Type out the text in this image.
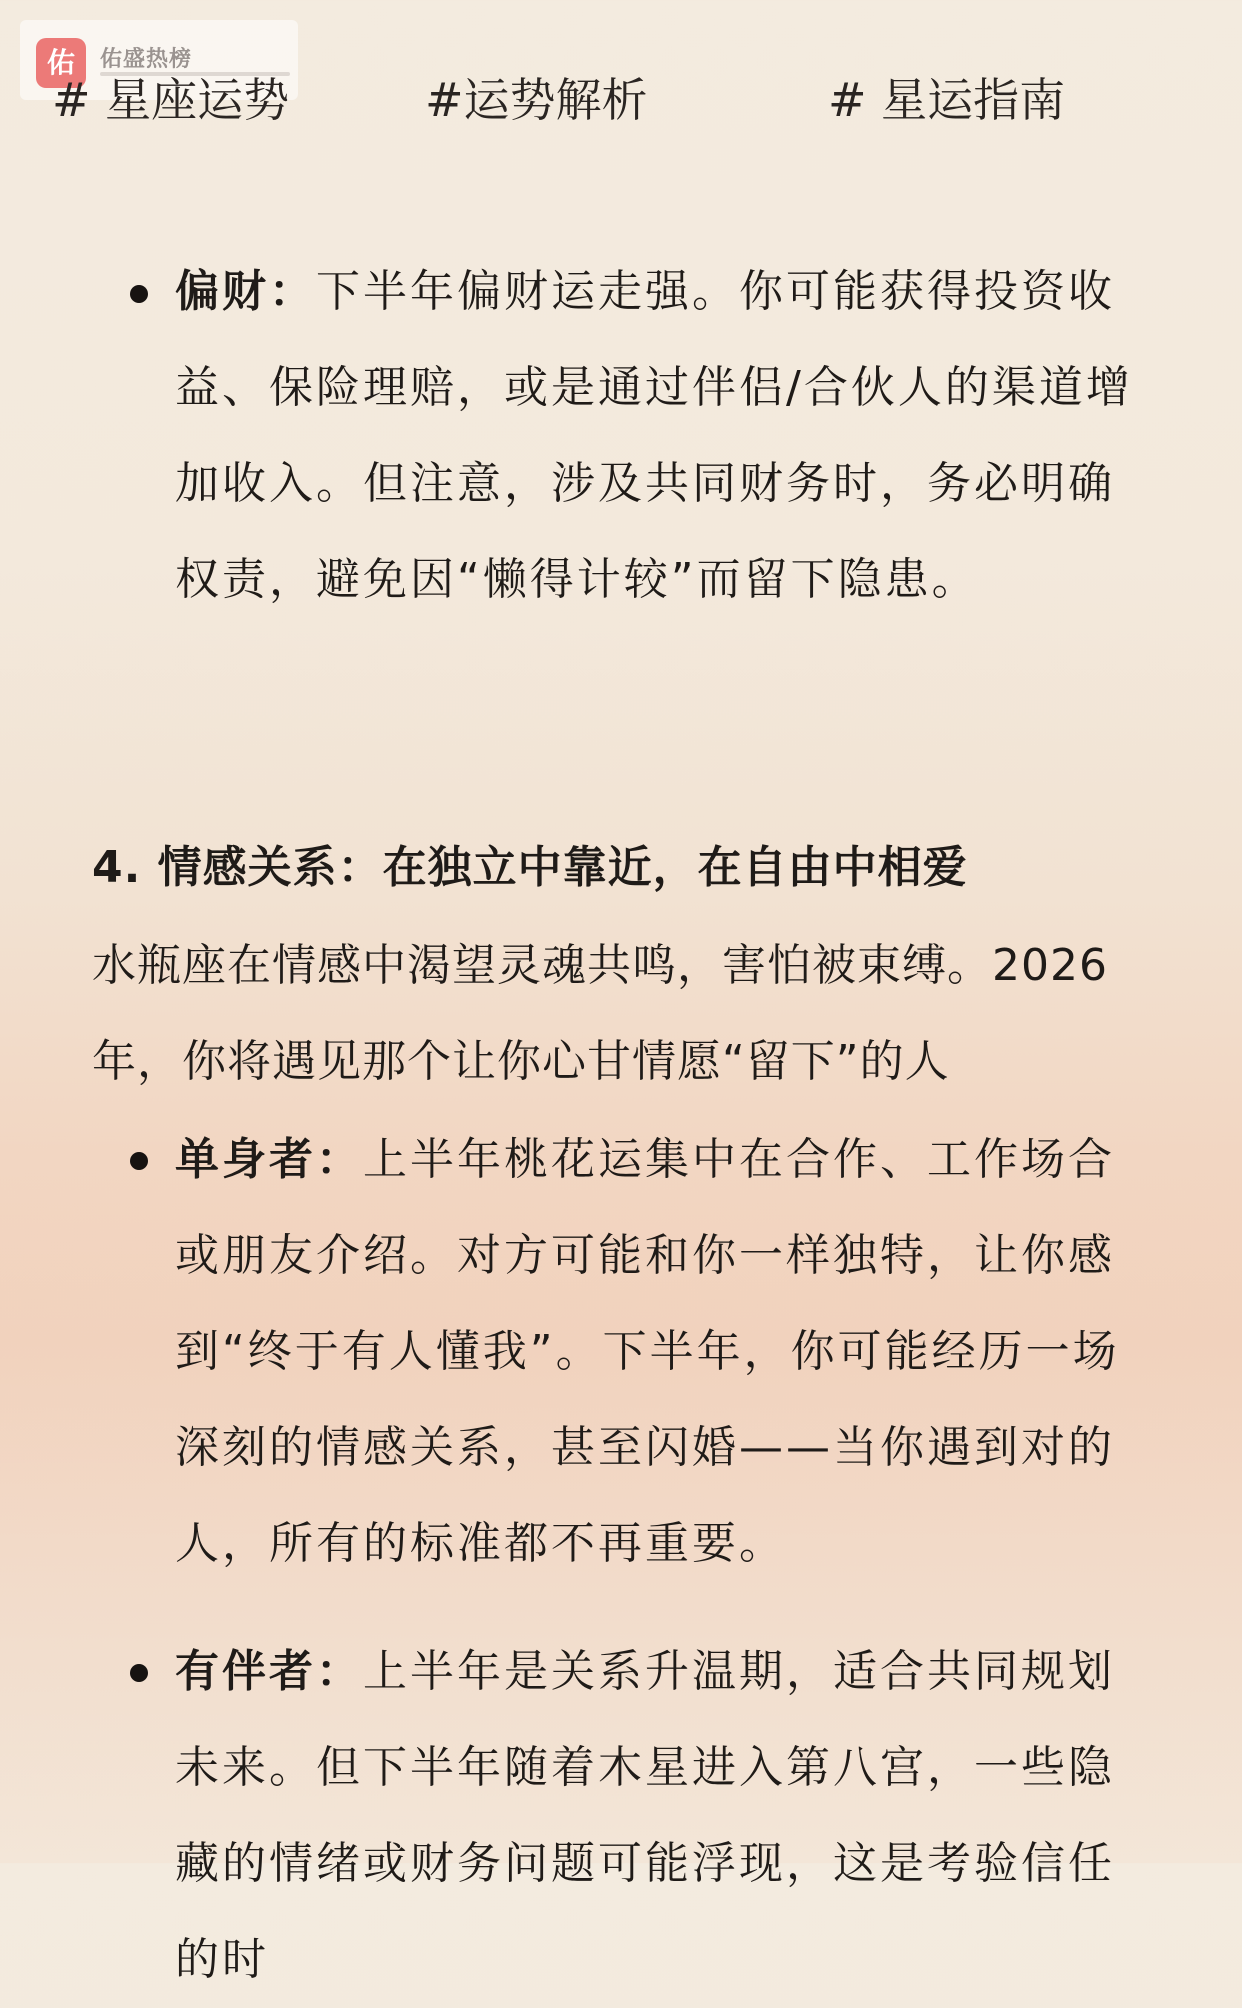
佑	佑盛热榜
# 星座运势	#运势解析	# 星运指南
偏财：下半年偏财运走强。你可能获得投资收益、保险理赔，或是通过伴侣/合伙人的渠道增加收入。但注意，涉及共同财务时，务必明确权责，避免因“懒得计较”而留下隐患。
4. 情感关系：在独立中靠近，在自由中相爱
水瓶座在情感中渴望灵魂共鸣，害怕被束缚。2026年，你将遇见那个让你心甘情愿“留下”的人
单身者：上半年桃花运集中在合作、工作场合或朋友介绍。对方可能和你一样独特，让你感到“终于有人懂我”。下半年，你可能经历一场深刻的情感关系，甚至闪婚——当你遇到对的人，所有的标准都不再重要。
有伴者：上半年是关系升温期，适合共同规划未来。但下半年随着木星进入第八宫，一些隐藏的情绪或财务问题可能浮现，这是考验信任的时
